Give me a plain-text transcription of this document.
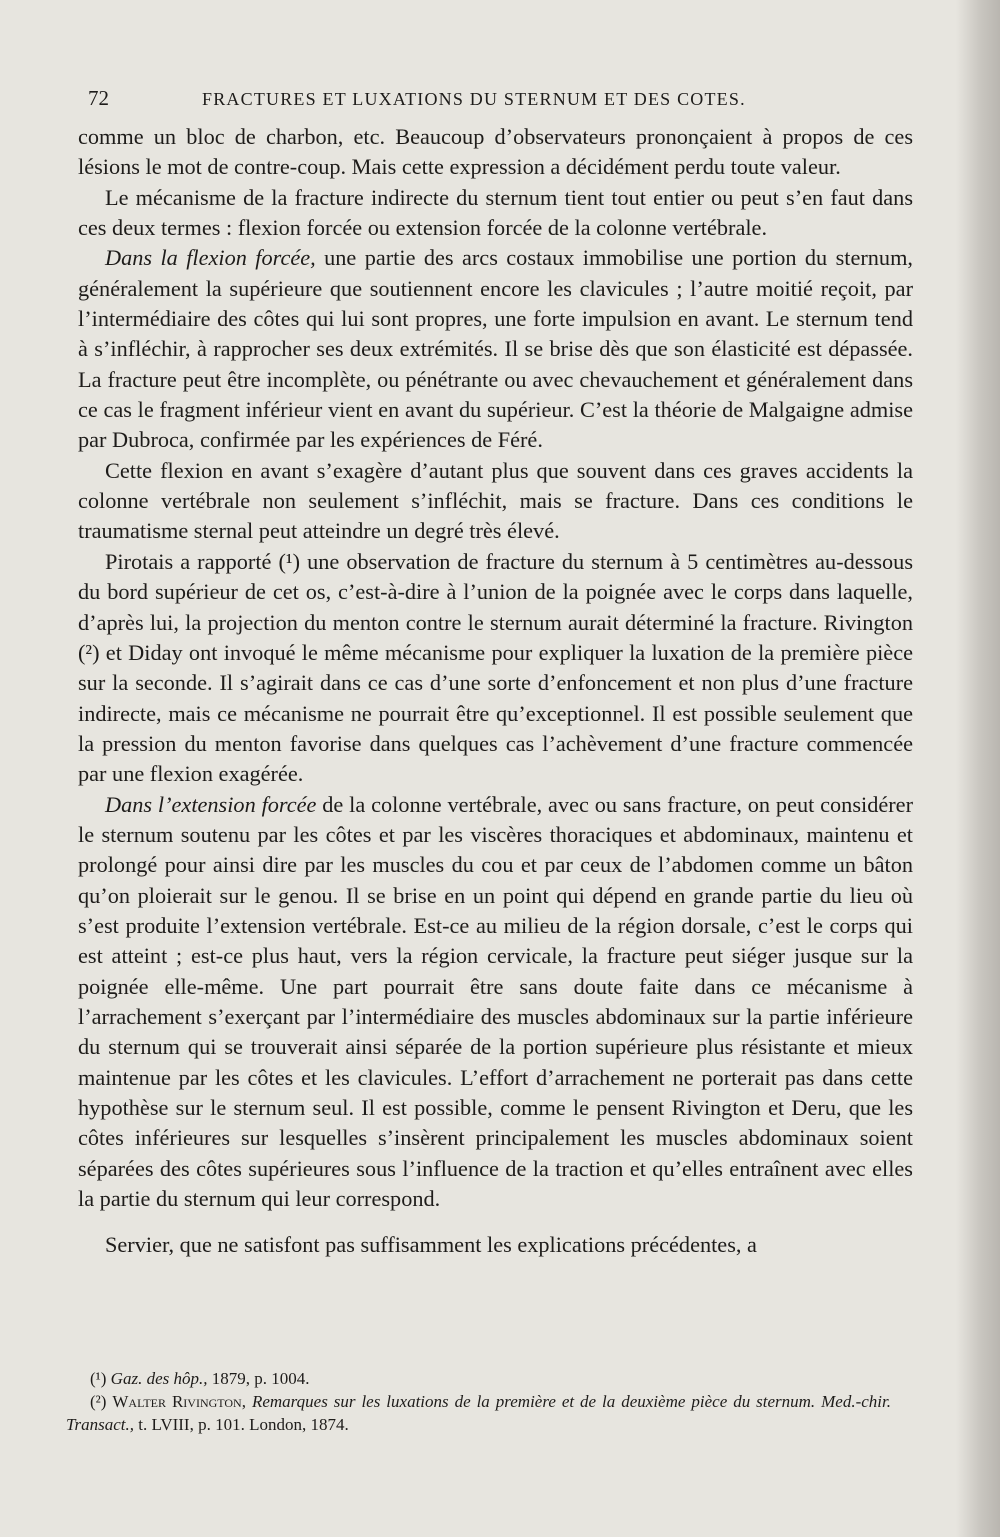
72	FRACTURES ET LUXATIONS DU STERNUM ET DES COTES.

comme un bloc de charbon, etc. Beaucoup d’observateurs prononçaient à propos de ces lésions le mot de contre-coup. Mais cette expression a décidément perdu toute valeur.

Le mécanisme de la fracture indirecte du sternum tient tout entier ou peut s’en faut dans ces deux termes : flexion forcée ou extension forcée de la colonne vertébrale.

Dans la flexion forcée, une partie des arcs costaux immobilise une portion du sternum, généralement la supérieure que soutiennent encore les clavicules ; l’autre moitié reçoit, par l’intermédiaire des côtes qui lui sont propres, une forte impulsion en avant. Le sternum tend à s’infléchir, à rapprocher ses deux extrémités. Il se brise dès que son élasticité est dépassée. La fracture peut être incomplète, ou pénétrante ou avec chevauchement et généralement dans ce cas le fragment inférieur vient en avant du supérieur. C’est la théorie de Malgaigne admise par Dubroca, confirmée par les expériences de Féré.

Cette flexion en avant s’exagère d’autant plus que souvent dans ces graves accidents la colonne vertébrale non seulement s’infléchit, mais se fracture. Dans ces conditions le traumatisme sternal peut atteindre un degré très élevé.

Pirotais a rapporté (¹) une observation de fracture du sternum à 5 centimètres au-dessous du bord supérieur de cet os, c’est-à-dire à l’union de la poignée avec le corps dans laquelle, d’après lui, la projection du menton contre le sternum aurait déterminé la fracture. Rivington (²) et Diday ont invoqué le même mécanisme pour expliquer la luxation de la première pièce sur la seconde. Il s’agirait dans ce cas d’une sorte d’enfoncement et non plus d’une fracture indirecte, mais ce mécanisme ne pourrait être qu’exceptionnel. Il est possible seulement que la pression du menton favorise dans quelques cas l’achèvement d’une fracture commencée par une flexion exagérée.

Dans l’extension forcée de la colonne vertébrale, avec ou sans fracture, on peut considérer le sternum soutenu par les côtes et par les viscères thoraciques et abdominaux, maintenu et prolongé pour ainsi dire par les muscles du cou et par ceux de l’abdomen comme un bâton qu’on ploierait sur le genou. Il se brise en un point qui dépend en grande partie du lieu où s’est produite l’extension vertébrale. Est-ce au milieu de la région dorsale, c’est le corps qui est atteint ; est-ce plus haut, vers la région cervicale, la fracture peut siéger jusque sur la poignée elle-même. Une part pourrait être sans doute faite dans ce mécanisme à l’arrachement s’exerçant par l’intermédiaire des muscles abdominaux sur la partie inférieure du sternum qui se trouverait ainsi séparée de la portion supérieure plus résistante et mieux maintenue par les côtes et les clavicules. L’effort d’arrachement ne porterait pas dans cette hypothèse sur le sternum seul. Il est possible, comme le pensent Rivington et Deru, que les côtes inférieures sur lesquelles s’insèrent principalement les muscles abdominaux soient séparées des côtes supérieures sous l’influence de la traction et qu’elles entraînent avec elles la partie du sternum qui leur correspond.

Servier, que ne satisfont pas suffisamment les explications précédentes, a

(¹) Gaz. des hôp., 1879, p. 1004.

(²) Walter Rivington, Remarques sur les luxations de la première et de la deuxième pièce du sternum. Med.-chir. Transact., t. LVIII, p. 101. London, 1874.
